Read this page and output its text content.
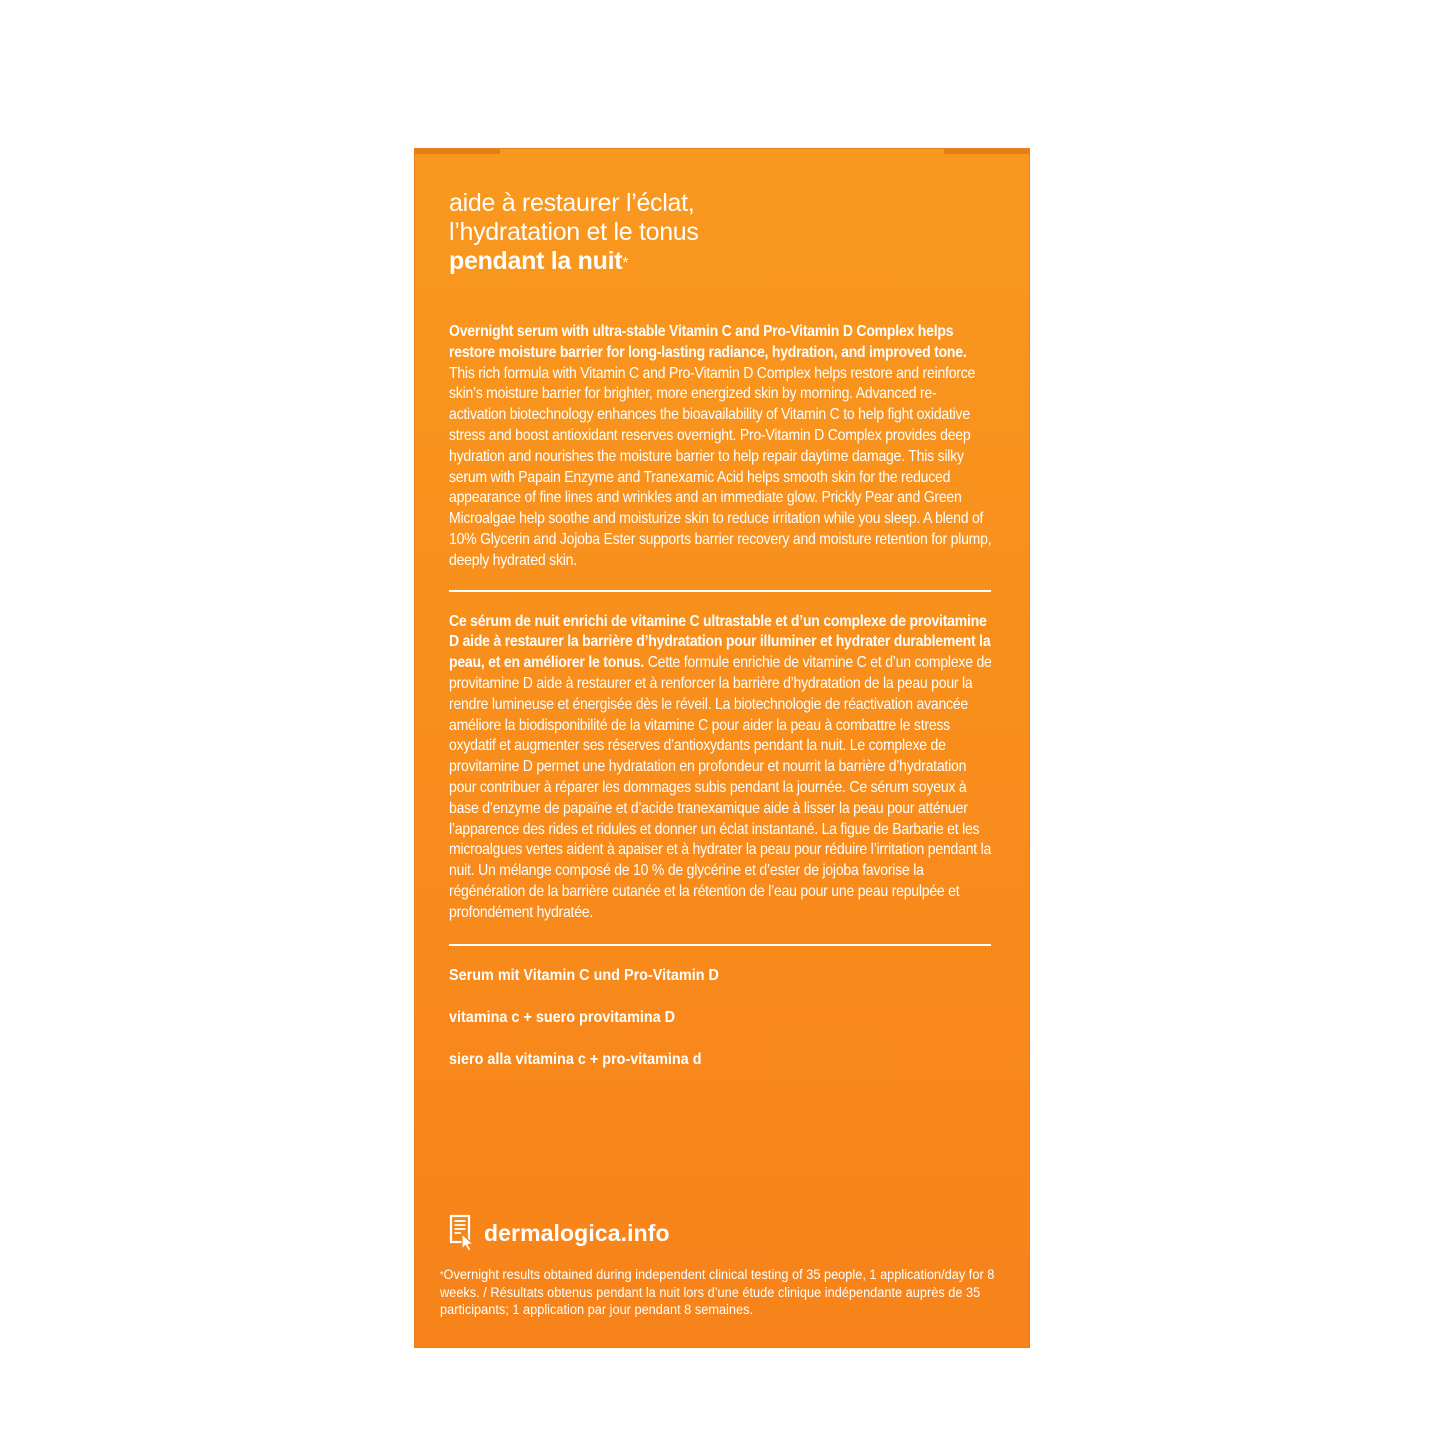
aide à restaurer l’éclat,
l’hydratation et le tonus
pendant la nuit*
Overnight serum with ultra-stable Vitamin C and Pro-Vitamin D Complex helps restore moisture barrier for long-lasting radiance, hydration, and improved tone. This rich formula with Vitamin C and Pro-Vitamin D Complex helps restore and reinforce skin’s moisture barrier for brighter, more energized skin by morning. Advanced re-activation biotechnology enhances the bioavailability of Vitamin C to help fight oxidative stress and boost antioxidant reserves overnight. Pro-Vitamin D Complex provides deep hydration and nourishes the moisture barrier to help repair daytime damage. This silky serum with Papain Enzyme and Tranexamic Acid helps smooth skin for the reduced appearance of fine lines and wrinkles and an immediate glow. Prickly Pear and Green Microalgae help soothe and moisturize skin to reduce irritation while you sleep. A blend of 10% Glycerin and Jojoba Ester supports barrier recovery and moisture retention for plump, deeply hydrated skin.
Ce sérum de nuit enrichi de vitamine C ultrastable et d’un complexe de provitamine D aide à restaurer la barrière d’hydratation pour illuminer et hydrater durablement la peau, et en améliorer le tonus. Cette formule enrichie de vitamine C et d’un complexe de provitamine D aide à restaurer et à renforcer la barrière d’hydratation de la peau pour la rendre lumineuse et énergisée dès le réveil. La biotechnologie de réactivation avancée améliore la biodisponibilité de la vitamine C pour aider la peau à combattre le stress oxydatif et augmenter ses réserves d’antioxydants pendant la nuit. Le complexe de provitamine D permet une hydratation en profondeur et nourrit la barrière d’hydratation pour contribuer à réparer les dommages subis pendant la journée. Ce sérum soyeux à base d’enzyme de papaïne et d’acide tranexamique aide à lisser la peau pour atténuer l’apparence des rides et ridules et donner un éclat instantané. La figue de Barbarie et les microalgues vertes aident à apaiser et à hydrater la peau pour réduire l’irritation pendant la nuit. Un mélange composé de 10 % de glycérine et d’ester de jojoba favorise la régénération de la barrière cutanée et la rétention de l’eau pour une peau repulpée et profondément hydratée.
Serum mit Vitamin C und Pro-Vitamin D
vitamina c + suero provitamina D
siero alla vitamina c + pro-vitamina d
dermalogica.info
*Overnight results obtained during independent clinical testing of 35 people, 1 application/day for 8 weeks. / Résultats obtenus pendant la nuit lors d’une étude clinique indépendante auprès de 35 participants; 1 application par jour pendant 8 semaines.
